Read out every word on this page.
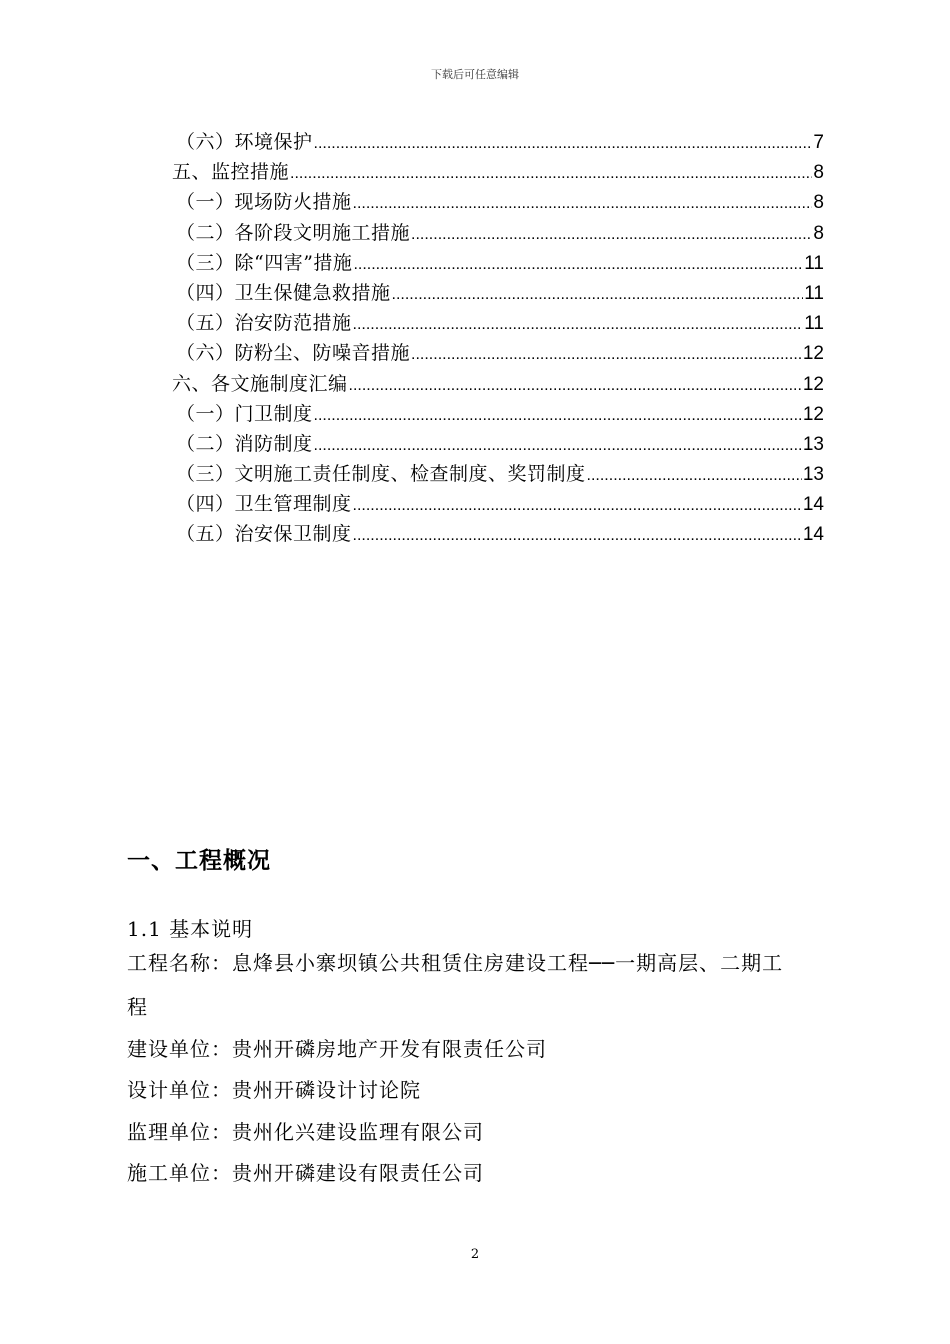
下载后可任意编辑
（六）环境保护 .....	7
五、监控措施 .....	8
（一）现场防火措施 .....	8
（二）各阶段文明施工措施 .....	8
（三）除“四害”措施 .....	11
（四）卫生保健急救措施 .....	11
（五）治安防范措施 .....	11
（六）防粉尘、防噪音措施 .....	12
六、各文施制度汇编 .....	12
（一）门卫制度 .....	12
（二）消防制度 .....	13
（三）文明施工责任制度、检查制度、奖罚制度 .....	13
（四）卫生管理制度 .....	14
（五）治安保卫制度 .....	14
一、工程概况
1.1 基本说明
工程名称：息烽县小寨坝镇公共租赁住房建设工程──一期高层、二期工
程
建设单位：贵州开磷房地产开发有限责任公司
设计单位：贵州开磷设计讨论院
监理单位：贵州化兴建设监理有限公司
施工单位：贵州开磷建设有限责任公司
2
